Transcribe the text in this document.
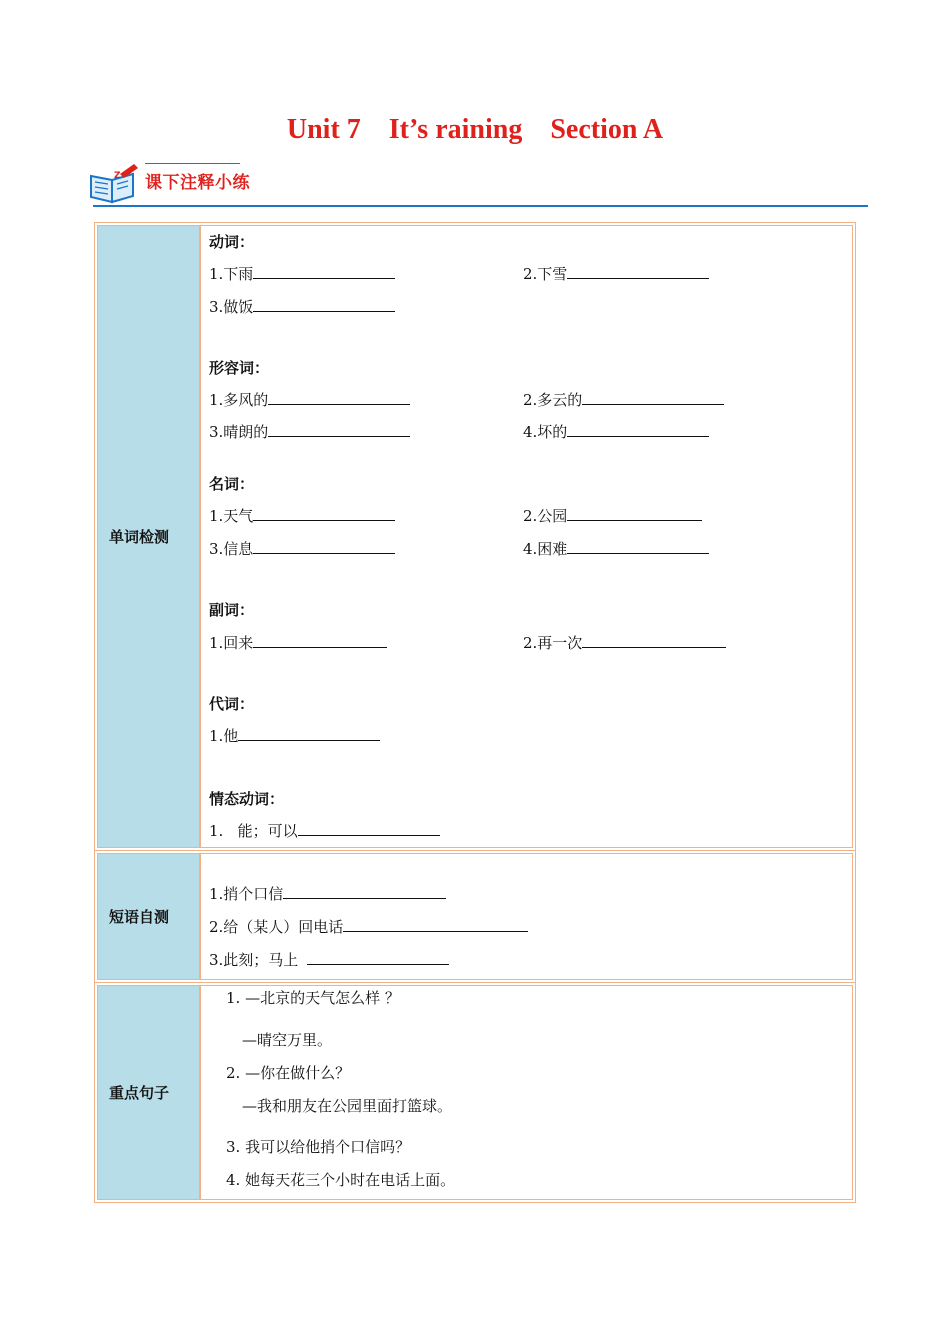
Unit 7    It’s raining    Section A
Z 课下注释小练
单词检测
动词：
1.下雨	2.下雪
3.做饭
形容词：
1.多风的	2.多云的
3.晴朗的	4.坏的
名词：
1.天气	2.公园
3.信息	4.困难
副词：
1.回来	2.再一次
代词：
1.他
情态动词：
1.   能；可以
短语自测
1.捎个口信
2.给（某人）回电话
3.此刻；马上
重点句子
1. —北京的天气怎么样 ？
—晴空万里。
2. —你在做什么？
—我和朋友在公园里面打篮球。
3. 我可以给他捎个口信吗？
4. 她每天花三个小时在电话上面。
